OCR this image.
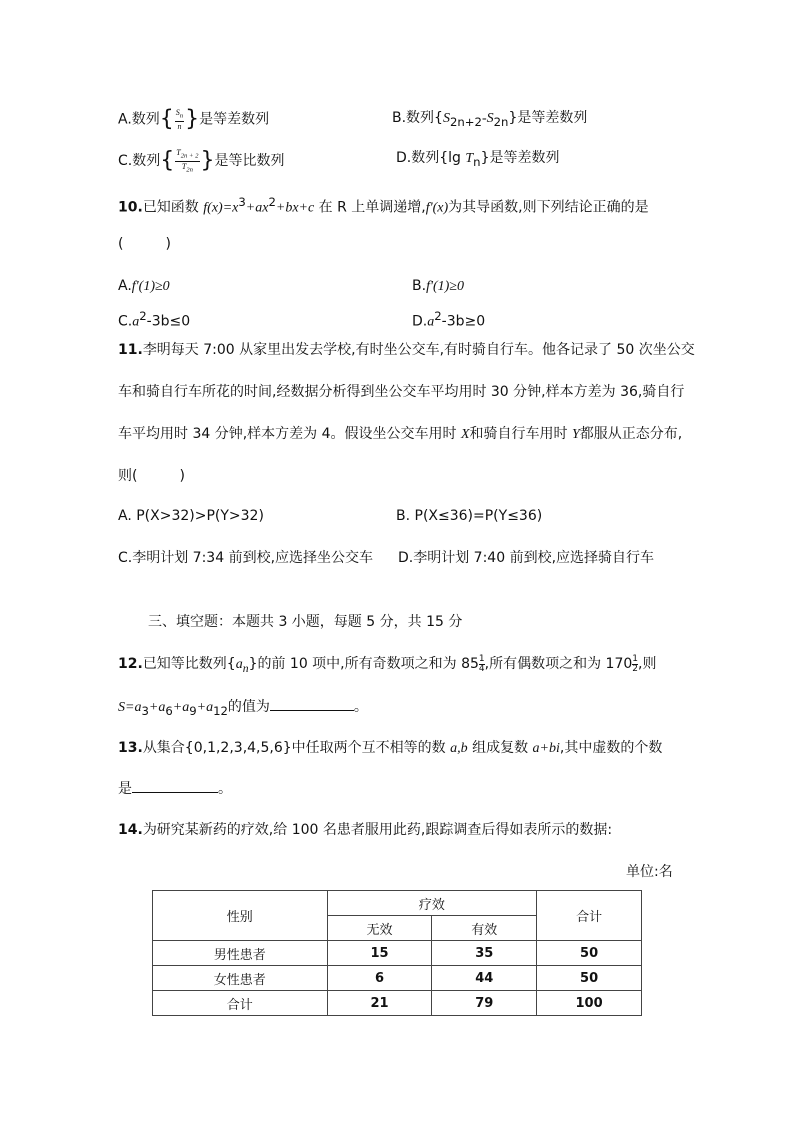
A.数列{ $\frac{S_n}{n}$ }是等差数列	B.数列$\{S_{2n+2}-S_{2n}\}$是等差数列
C.数列{ $\frac{T_{2n + 2}}{T_{2n}}$ }是等比数列	D.数列{lg $T_n$}是等差数列
10.已知函数 $f(x)=x^3+ax^2+bx+c$ 在 R 上单调递增,f'(x)为其导函数,则下列结论正确的是
(　　　)
A.f'(1)≥0	B.f'(1)≥0
$C.a^2-3b\le 0$	$D.a^2-3b\ge 0$
11.李明每天 7:00 从家里出发去学校,有时坐公交车,有时骑自行车。他各记录了 50 次坐公交
车和骑自行车所花的时间,经数据分析得到坐公交车平均用时 30 分钟,样本方差为 36,骑自行
车平均用时 34 分钟,样本方差为 4。假设坐公交车用时 X和骑自行车用时 Y都服从正态分布,
则(　　　)
A. P(X>32)>P(Y>32)	B. P(X≤36)=P(Y≤36)
C.李明计划 7:34 前到校,应选择坐公交车 D.李明计划 7:40 前到校,应选择骑自行车
三、填空题：本题共 3 小题，每题 5 分，共 15 分
12.已知等比数列$\{a_n\}$的前 10 项中,所有奇数项之和为 $85 \frac{1}{4}$ ,所有偶数项之和为 $170 \frac{1}{2}$ ,则
$S=a_3+a_6+a_9+a_{12}$的值为	。
13.从集合{0,1,2,3,4,5,6}中任取两个互不相等的数 a,b 组成复数 a+bi,其中虚数的个数
是	。
14.为研究某新药的疗效,给 100 名患者服用此药,跟踪调查后得如表所示的数据:
单位:名
性别	疗效		合计
	无效	有效	
男性患者	15	35	50
女性患者	6	44	50
合计	21	79	100
